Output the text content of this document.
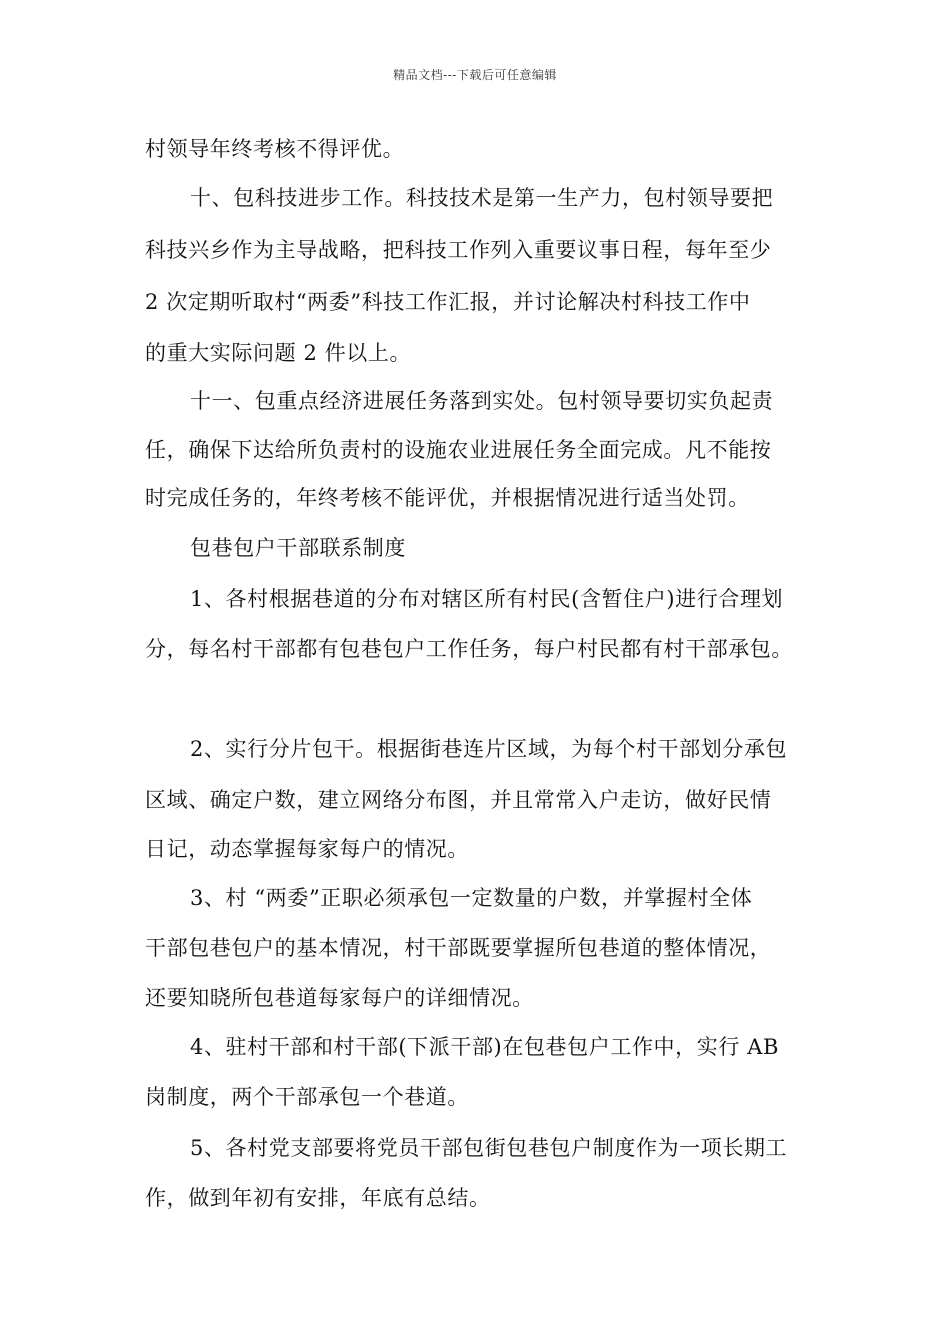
精品文档---下载后可任意编辑
村领导年终考核不得评优。
十、包科技进步工作。科技技术是第一生产力，包村领导要把
科技兴乡作为主导战略，把科技工作列入重要议事日程，每年至少
2 次定期听取村“两委”科技工作汇报，并讨论解决村科技工作中
的重大实际问题 2 件以上。
十一、包重点经济进展任务落到实处。包村领导要切实负起责
任，确保下达给所负责村的设施农业进展任务全面完成。凡不能按
时完成任务的，年终考核不能评优，并根据情况进行适当处罚。
包巷包户干部联系制度
1、各村根据巷道的分布对辖区所有村民(含暂住户)进行合理划
分，每名村干部都有包巷包户工作任务，每户村民都有村干部承包。
2、实行分片包干。根据街巷连片区域，为每个村干部划分承包
区域、确定户数，建立网络分布图，并且常常入户走访，做好民情
日记，动态掌握每家每户的情况。
3、村 “两委”正职必须承包一定数量的户数，并掌握村全体
干部包巷包户的基本情况，村干部既要掌握所包巷道的整体情况，
还要知晓所包巷道每家每户的详细情况。
4、驻村干部和村干部(下派干部)在包巷包户工作中，实行 AB
岗制度，两个干部承包一个巷道。
5、各村党支部要将党员干部包街包巷包户制度作为一项长期工
作，做到年初有安排，年底有总结。
